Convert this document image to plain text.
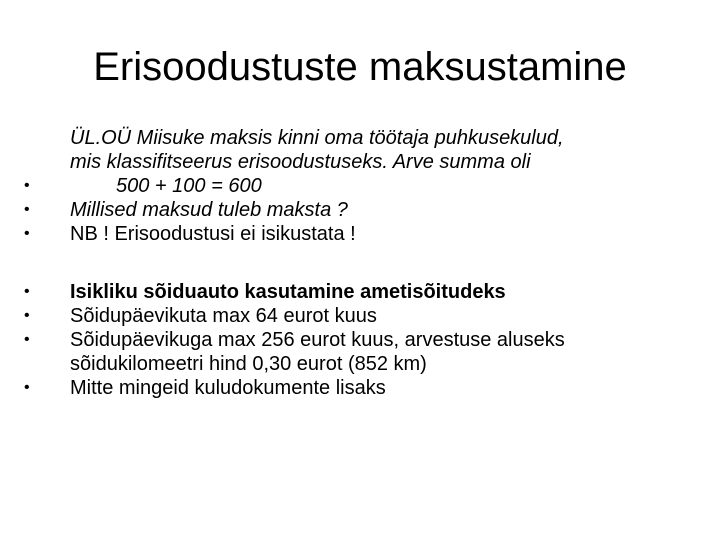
Erisoodustuste maksustamine
•
ÜL.OÜ Miisuke maksis kinni oma töötaja puhkusekulud,
mis klassifitseerus erisoodustuseks. Arve summa oli
500 + 100 = 600
•	Millised maksud tuleb maksta ?
•	NB ! Erisoodustusi ei isikustata !
•	Isikliku sõiduauto kasutamine ametisõitudeks
•	Sõidupäevikuta max 64 eurot kuus
•	Sõidupäevikuga max 256 eurot kuus, arvestuse aluseks
sõidukilomeetri hind 0,30 eurot (852 km)
•	Mitte mingeid kuludokumente lisaks
